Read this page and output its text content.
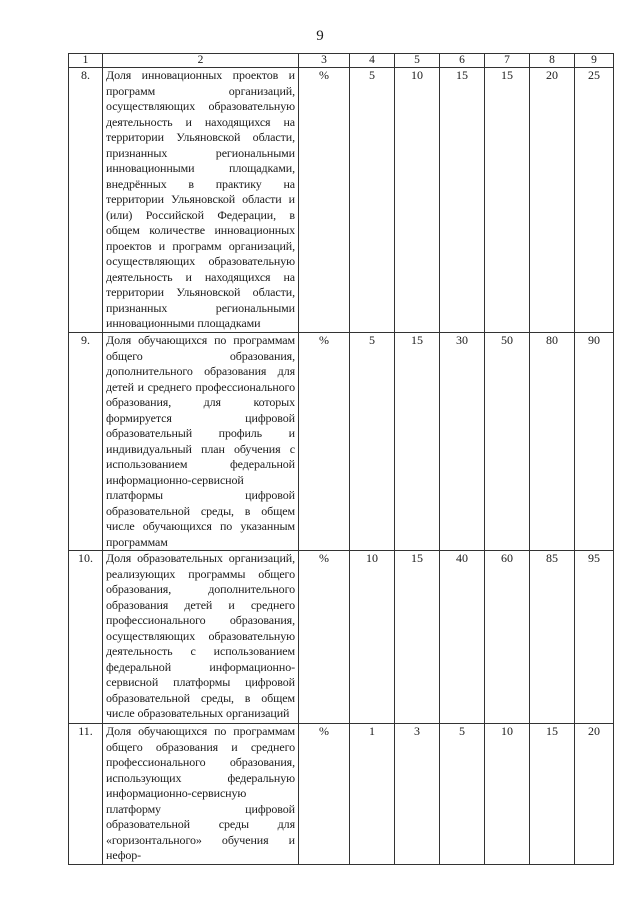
9
1	2	3	4	5	6	7	8	9
8.	Доля инновационных проектов и программ организаций, осуществляющих образовательную деятельность и находящихся на территории Ульяновской области, признанных региональными инновационными площадками, внедрённых в практику на территории Ульяновской области и (или) Российской Федерации, в общем количестве инновационных проектов и программ организаций, осуществляющих образовательную деятельность и находящихся на территории Ульяновской области, признанных региональными инновационными площадками	%	5	10	15	15	20	25
9.	Доля обучающихся по программам общего образования, дополнительного образования для детей и среднего профессионального образования, для которых формируется цифровой образовательный профиль и индивидуальный план обучения с использованием федеральной информационно-сервисной платформы цифровой образовательной среды, в общем числе обучающихся по указанным программам	%	5	15	30	50	80	90
10.	Доля образовательных организаций, реализующих программы общего образования, дополнительного образования детей и среднего профессионального образования, осуществляющих образовательную деятельность с использованием федеральной информационно-сервисной платформы цифровой образовательной среды, в общем числе образовательных организаций	%	10	15	40	60	85	95
11.	Доля обучающихся по программам общего образования и среднего профессионального образования, использующих федеральную информационно-сервисную платформу цифровой образовательной среды для «горизонтального» обучения и нефор-	%	1	3	5	10	15	20
